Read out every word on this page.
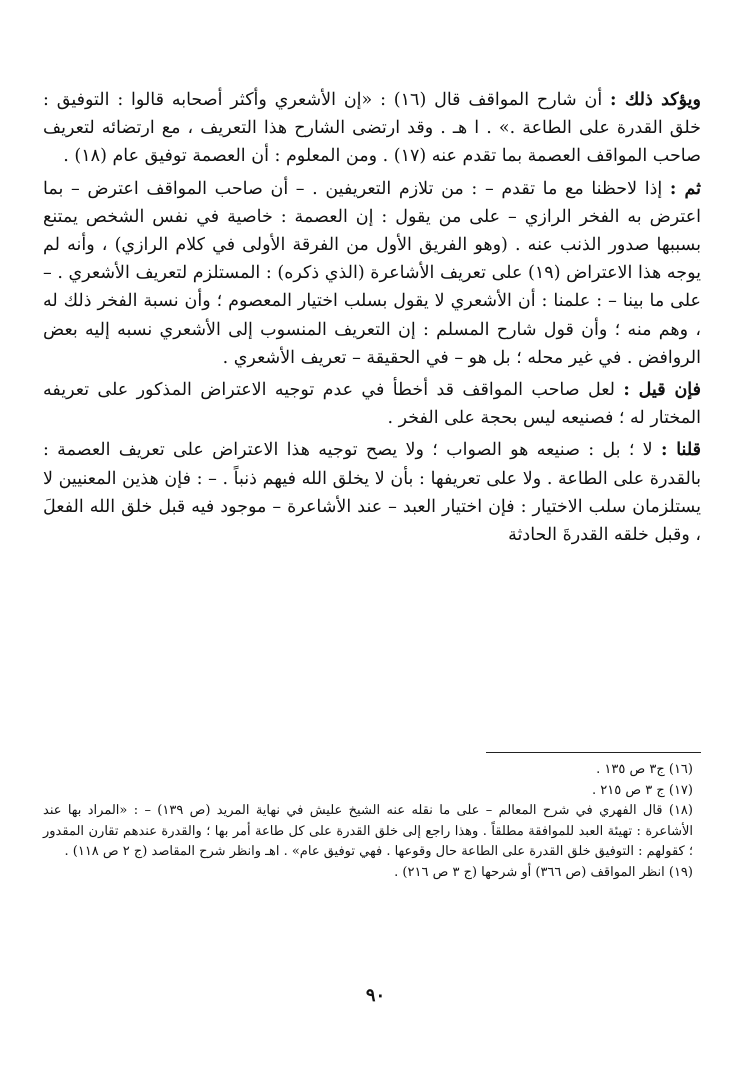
ويؤكد ذلك : أن شارح المواقف قال (١٦) : «إن الأشعري وأكثر أصحابه قالوا : التوفيق : خلق القدرة على الطاعة .» . ا هـ . وقد ارتضى الشارح هذا التعريف ، مع ارتضائه لتعريف صاحب المواقف العصمة بما تقدم عنه (١٧) . ومن المعلوم : أن العصمة توفيق عام (١٨) .

ثم : إذا لاحظنا مع ما تقدم – : من تلازم التعريفين . – أن صاحب المواقف اعترض – بما اعترض به الفخر الرازي – على من يقول : إن العصمة : خاصية في نفس الشخص يمتنع بسببها صدور الذنب عنه . (وهو الفريق الأول من الفرقة الأولى في كلام الرازي) ، وأنه لم يوجه هذا الاعتراض (١٩) على تعريف الأشاعرة (الذي ذكره) : المستلزم لتعريف الأشعري . – على ما بينا – : علمنا : أن الأشعري لا يقول بسلب اختيار المعصوم ؛ وأن نسبة الفخر ذلك له ، وهم منه ؛ وأن قول شارح المسلم : إن التعريف المنسوب إلى الأشعري نسبه إليه بعض الروافض . في غير محله ؛ بل هو – في الحقيقة – تعريف الأشعري .

فإن قيل : لعل صاحب المواقف قد أخطأ في عدم توجيه الاعتراض المذكور على تعريفه المختار له ؛ فصنيعه ليس بحجة على الفخر .

قلنا : لا ؛ بل : صنيعه هو الصواب ؛ ولا يصح توجيه هذا الاعتراض على تعريف العصمة : بالقدرة على الطاعة . ولا على تعريفها : بأن لا يخلق الله فيهم ذنباً . – : فإن هذين المعنيين لا يستلزمان سلب الاختيار : فإن اختيار العبد – عند الأشاعرة – موجود فيه قبل خلق الله الفعلَ ، وقبل خلقه القدرةَ الحادثة

(١٦) ج٣ ص ١٣٥ .

(١٧) ج ٣ ص ٢١٥ .

(١٨) قال الفهري في شرح المعالم – على ما نقله عنه الشيخ عليش في نهاية المريد (ص ١٣٩) – : «المراد بها عند الأشاعرة : تهيئة العبد للموافقة مطلقاً . وهذا راجع إلى خلق القدرة على كل طاعة أمر بها ؛ والقدرة عندهم تقارن المقدور ؛ كقولهم : التوفيق خلق القدرة على الطاعة حال وقوعها . فهي توفيق عام» . اهـ وانظر شرح المقاصد (ج ٢ ص ١١٨) .

(١٩) انظر المواقف (ص ٣٦٦) أو شرحها (ج ٣ ص ٢١٦) .

٩٠
